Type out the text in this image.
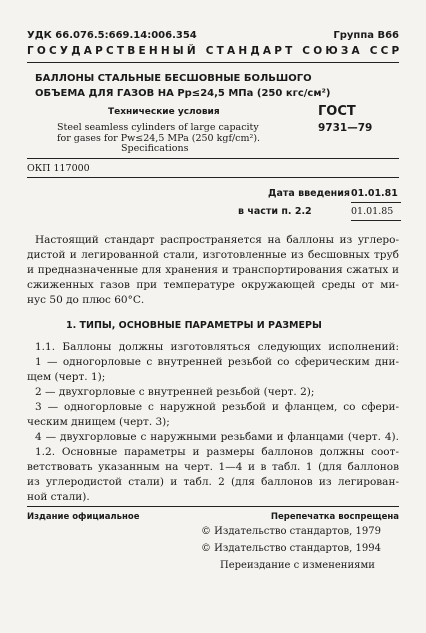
УДК 66.076.5:669.14:006.354	Группа В66
ГОСУДАРСТВЕННЫЙ СТАНДАРТ СОЮЗА ССР
БАЛЛОНЫ СТАЛЬНЫЕ БЕСШОВНЫЕ БОЛЬШОГО
ОБЪЕМА ДЛЯ ГАЗОВ НА Pр≤24,5 МПа (250 кгс/см²)
Технические условия	ГОСТ
9731—79
Steel seamless cylinders of large capacity
for gases for Pw≤24,5 MPa (250 kgf/cm²).
Specifications
ОКП 117000
Дата введения 01.01.81
в части п. 2.2	01.01.85
Настоящий стандарт распространяется на баллоны из углеро-
дистой и легированной стали, изготовленные из бесшовных труб
и предназначенные для хранения и транспортирования сжатых и
сжиженных газов при температуре окружающей среды от ми-
нус 50 до плюс 60°С.
1. ТИПЫ, ОСНОВНЫЕ ПАРАМЕТРЫ И РАЗМЕРЫ
1.1. Баллоны должны изготовляться следующих исполнений:
1 — одногорловые с внутренней резьбой со сферическим дни-
щем (черт. 1);
2 — двухгорловые с внутренней резьбой (черт. 2);
3 — одногорловые с наружной резьбой и фланцем, со сфери-
ческим днищем (черт. 3);
4 — двухгорловые с наружными резьбами и фланцами (черт. 4).
1.2. Основные параметры и размеры баллонов должны соот-
ветствовать указанным на черт. 1—4 и в табл. 1 (для баллонов
из углеродистой стали) и табл. 2 (для баллонов из легирован-
ной стали).
Издание официальное	Перепечатка воспрещена
© Издательство стандартов, 1979
© Издательство стандартов, 1994
Переиздание с изменениями
